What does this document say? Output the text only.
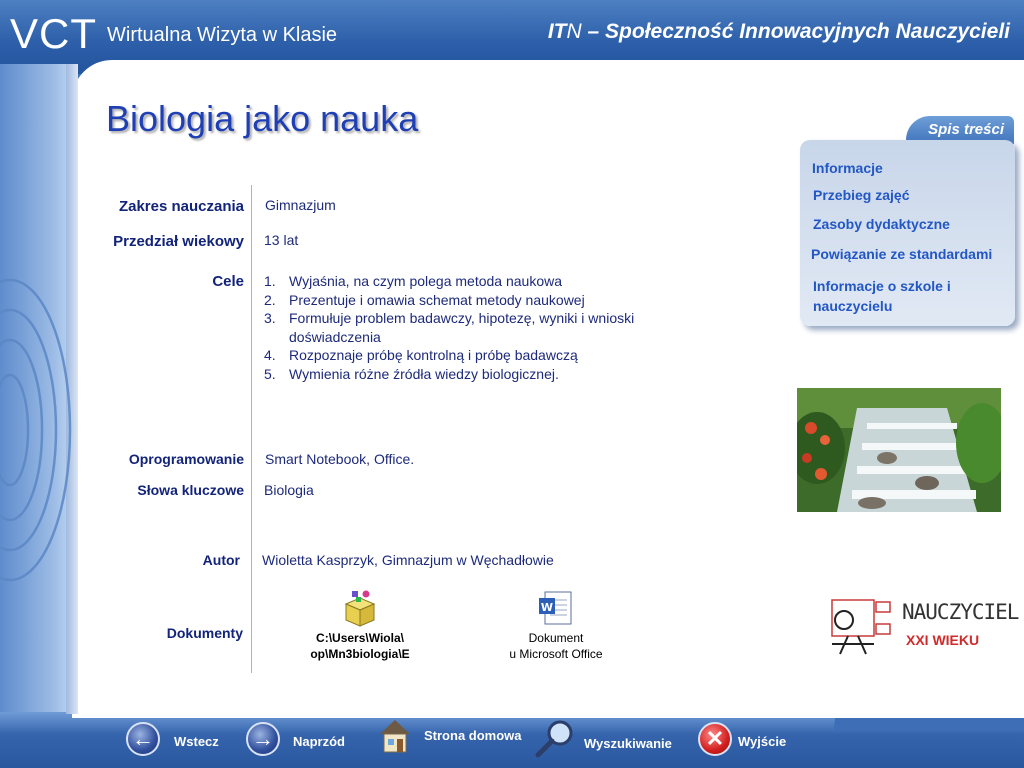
VCT Wirtualna Wizyta w Klasie	ITN – Społeczność Innowacyjnych Nauczycieli
Biologia jako nauka
Zakres nauczania Gimnazjum
Przedział wiekowy 13 lat
Cele 1. Wyjaśnia, na czym polega metoda naukowa
2. Prezentuje i omawia schemat metody naukowej
3. Formułuje problem badawczy, hipotezę, wyniki i wnioski doświadczenia
4. Rozpoznaje próbę kontrolną i próbę badawczą
5. Wymienia różne źródła wiedzy biologicznej.
Oprogramowanie Smart Notebook, Office.
Słowa kluczowe Biologia
Autor Wioletta Kasprzyk, Gimnazjum w Węchadłowie
Dokumenty	C:\Users\Wiola\
op\Mn3biologia\E
W
Dokument
u Microsoft Office
Spis treści
Informacje
Przebieg zajęć
Zasoby dydaktyczne
Powiązanie ze standardami
Informacje o szkole i
nauczycielu
NAUCZYCIEL
XXI WIEKU
←	Wstecz →	Naprzód	Strona domowa
Wyszukiwanie	✕	Wyjście
